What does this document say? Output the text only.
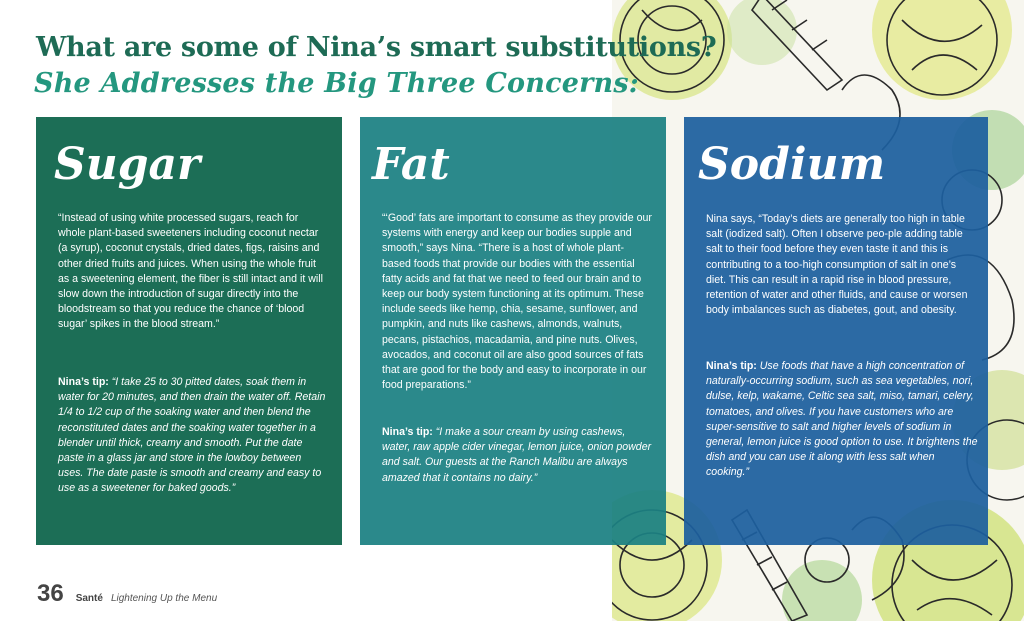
What are some of Nina’s smart substitutions?
She Addresses the Big Three Concerns:
Sugar

“Instead of using white processed sugars, reach for whole plant-based sweeteners including coconut nectar (a syrup), coconut crystals, dried dates, figs, raisins and other dried fruits and juices. When using the whole fruit as a sweetening element, the fiber is still intact and it will slow down the introduction of sugar directly into the bloodstream so that you reduce the chance of ‘blood sugar’ spikes in the blood stream.”

Nina’s tip: “I take 25 to 30 pitted dates, soak them in water for 20 minutes, and then drain the water off. Retain 1/4 to 1/2 cup of the soaking water and then blend the reconstituted dates and the soaking water together in a blender until thick, creamy and smooth. Put the date paste in a glass jar and store in the lowboy between uses. The date paste is smooth and creamy and easy to use as a sweetener for baked goods.”

Fat

“‘Good’ fats are important to consume as they provide our systems with energy and keep our bodies supple and smooth,” says Nina. “There is a host of whole plant-based foods that provide our bodies with the essential fatty acids and fat that we need to feed our brain and to keep our body system functioning at its optimum. These include seeds like hemp, chia, sesame, sunflower, and pumpkin, and nuts like cashews, almonds, walnuts, pecans, pistachios, macadamia, and pine nuts. Olives, avocados, and coconut oil are also good sources of fats that are good for the body and easy to incorporate in our food preparations.”

Nina’s tip: “I make a sour cream by using cashews, water, raw apple cider vinegar, lemon juice, onion powder and salt. Our guests at the Ranch Malibu are always amazed that it contains no dairy.”

Sodium

Nina says, “Today’s diets are generally too high in table salt (iodized salt). Often I observe peo-ple adding table salt to their food before they even taste it and this is contributing to a too-high consumption of salt in one’s diet. This can result in a rapid rise in blood pressure, retention of water and other fluids, and cause or worsen body imbalances such as diabetes, gout, and obesity.

Nina’s tip: Use foods that have a high concentration of naturally-occurring sodium, such as sea vegetables, nori, dulse, kelp, wakame, Celtic sea salt, miso, tamari, celery, tomatoes, and olives. If you have customers who are super-sensitive to salt and higher levels of sodium in general, lemon juice is good option to use. It brightens the dish and you can use it along with less salt when cooking.”

36 Santé Lightening Up the Menu
